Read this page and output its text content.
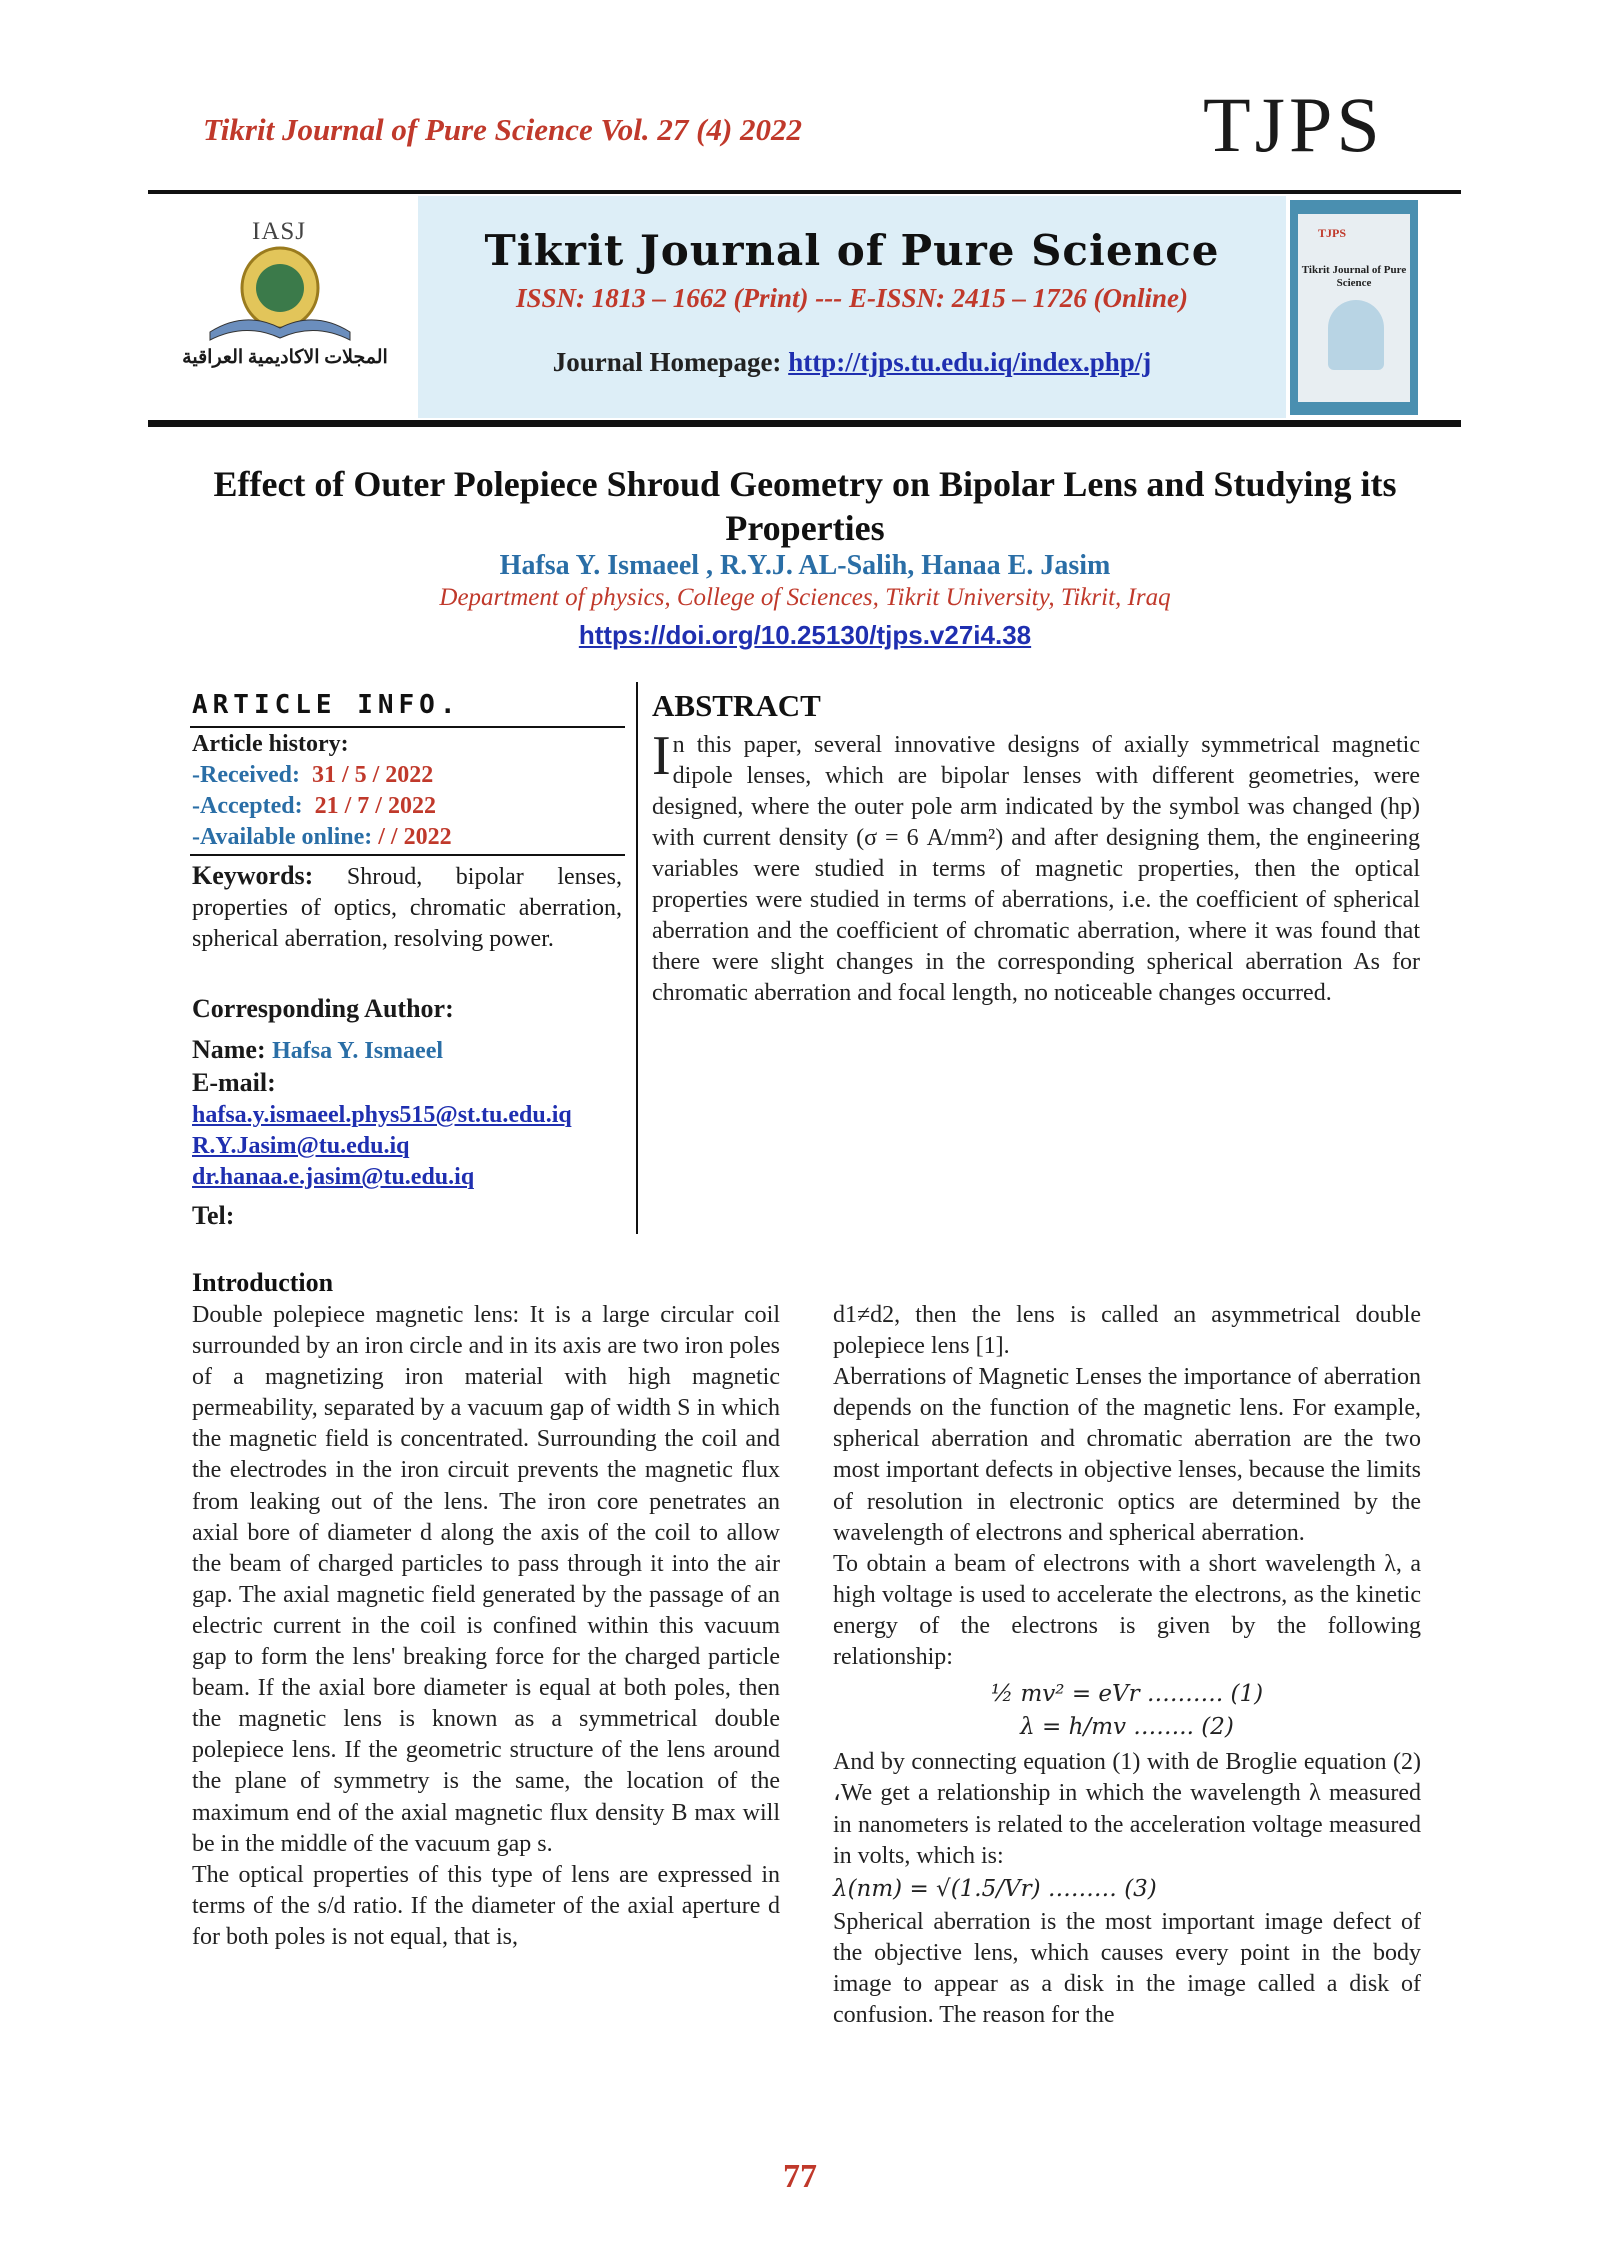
Tikrit Journal of Pure Science Vol. 27 (4) 2022	TJPS
IASJ
المجلات الاكاديمية العراقية
Tikrit Journal of Pure Science
ISSN: 1813 – 1662 (Print) --- E-ISSN: 2415 – 1726 (Online)
Journal Homepage: http://tjps.tu.edu.iq/index.php/j
TJPS
Tikrit Journal of Pure Science
Effect of Outer Polepiece Shroud Geometry on Bipolar Lens and Studying its Properties
Hafsa Y. Ismaeel , R.Y.J. AL-Salih, Hanaa E. Jasim
Department of physics, College of Sciences, Tikrit University, Tikrit, Iraq
https://doi.org/10.25130/tjps.v27i4.38
ARTICLE INFO.
Article history:
-Received: 31 / 5 / 2022
-Accepted: 21 / 7 / 2022
-Available online: / / 2022
Keywords: Shroud, bipolar lenses, properties of optics, chromatic aberration, spherical aberration, resolving power.
Corresponding Author:
Name: Hafsa Y. Ismaeel
E-mail:
hafsa.y.ismaeel.phys515@st.tu.edu.iq
R.Y.Jasim@tu.edu.iq
dr.hanaa.e.jasim@tu.edu.iq
Tel:
ABSTRACT
In this paper, several innovative designs of axially symmetrical magnetic dipole lenses, which are bipolar lenses with different geometries, were designed, where the outer pole arm indicated by the symbol was changed (hp) with current density (σ = 6 A/mm²) and after designing them, the engineering variables were studied in terms of magnetic properties, then the optical properties were studied in terms of aberrations, i.e. the coefficient of spherical aberration and the coefficient of chromatic aberration, where it was found that there were slight changes in the corresponding spherical aberration As for chromatic aberration and focal length, no noticeable changes occurred.
Introduction

Double polepiece magnetic lens: It is a large circular coil surrounded by an iron circle and in its axis are two iron poles of a magnetizing iron material with high magnetic permeability, separated by a vacuum gap of width S in which the magnetic field is concentrated. Surrounding the coil and the electrodes in the iron circuit prevents the magnetic flux from leaking out of the lens. The iron core penetrates an axial bore of diameter d along the axis of the coil to allow the beam of charged particles to pass through it into the air gap. The axial magnetic field generated by the passage of an electric current in the coil is confined within this vacuum gap to form the lens' breaking force for the charged particle beam. If the axial bore diameter is equal at both poles, then the magnetic lens is known as a symmetrical double polepiece lens. If the geometric structure of the lens around the plane of symmetry is the same, the location of the maximum end of the axial magnetic flux density B max will be in the middle of the vacuum gap s.

The optical properties of this type of lens are expressed in terms of the s/d ratio. If the diameter of the axial aperture d for both poles is not equal, that is,

d1≠d2, then the lens is called an asymmetrical double polepiece lens [1].

Aberrations of Magnetic Lenses the importance of aberration depends on the function of the magnetic lens. For example, spherical aberration and chromatic aberration are the two most important defects in objective lenses, because the limits of resolution in electronic optics are determined by the wavelength of electrons and spherical aberration.

To obtain a beam of electrons with a short wavelength λ, a high voltage is used to accelerate the electrons, as the kinetic energy of the electrons is given by the following relationship:

½ mv² = eVr ………. (1)

λ = h/mv …….. (2)

And by connecting equation (1) with de Broglie equation (2) ،We get a relationship in which the wavelength λ measured in nanometers is related to the acceleration voltage measured in volts, which is:

λ(nm) = √(1.5/Vr) ……… (3)

Spherical aberration is the most important image defect of the objective lens, which causes every point in the body image to appear as a disk in the image called a disk of confusion. The reason for the

77
